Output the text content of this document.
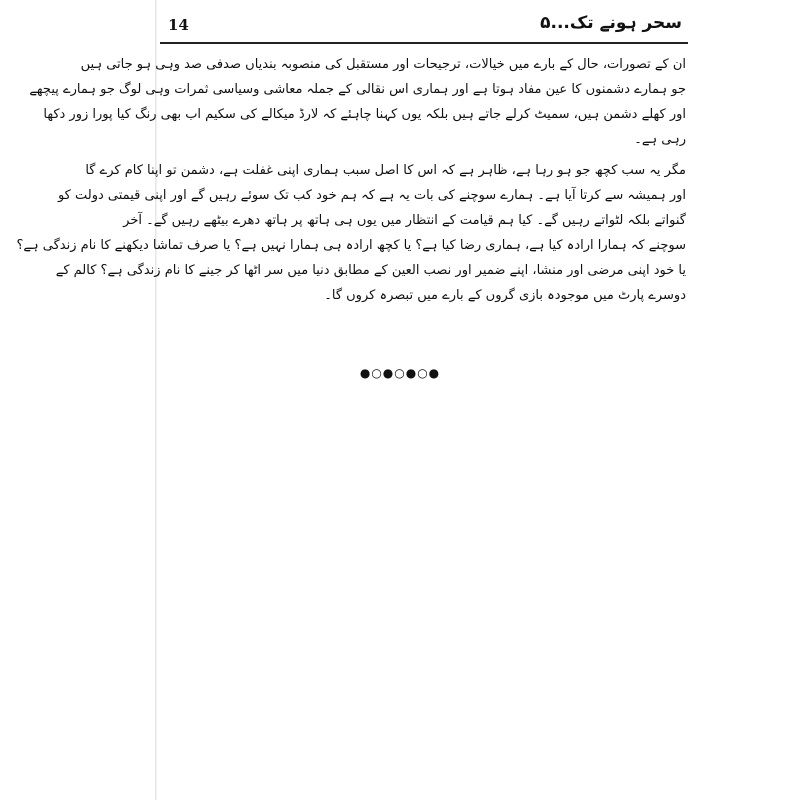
14	سحر ہونے تک...۵
ان کے تصورات، حال کے بارے میں خیالات، ترجیحات اور مستقبل کی منصوبہ بندیاں صدفی صد وہی ہو جاتی ہیں
جو ہمارے دشمنوں کا عین مفاد ہوتا ہے اور ہماری اس نقالی کے جملہ معاشی وسیاسی ثمرات وہی لوگ جو ہمارے پیچھے
اور کھلے دشمن ہیں، سمیٹ کرلے جاتے ہیں بلکہ یوں کہنا چاہئے کہ لارڈ میکالے کی سکیم اب بھی رنگ کیا پورا زور دکھا
رہی ہے۔
مگر یہ سب کچھ جو ہو رہا ہے، ظاہر ہے کہ اس کا اصل سبب ہماری اپنی غفلت ہے، دشمن تو اپنا کام کرے گا
اور ہمیشہ سے کرتا آیا ہے۔ ہمارے سوچنے کی بات یہ ہے کہ ہم خود کب تک سوئے رہیں گے اور اپنی قیمتی دولت کو
گنواتے بلکہ لٹواتے رہیں گے۔ کیا ہم قیامت کے انتظار میں یوں ہی ہاتھ پر ہاتھ دھرے بیٹھے رہیں گے۔ آخر
سوچنے کہ ہمارا ارادہ کیا ہے، ہماری رضا کیا ہے؟ یا کچھ ارادہ ہی ہمارا نہیں ہے؟ یا صرف تماشا دیکھنے کا نام زندگی ہے؟
یا خود اپنی مرضی اور منشا، اپنے ضمیر اور نصب العین کے مطابق دنیا میں سر اٹھا کر جینے کا نام زندگی ہے؟ کالم کے
دوسرے پارٹ میں موجودہ بازی گروں کے بارے میں تبصرہ کروں گا۔
●○●○●○●
